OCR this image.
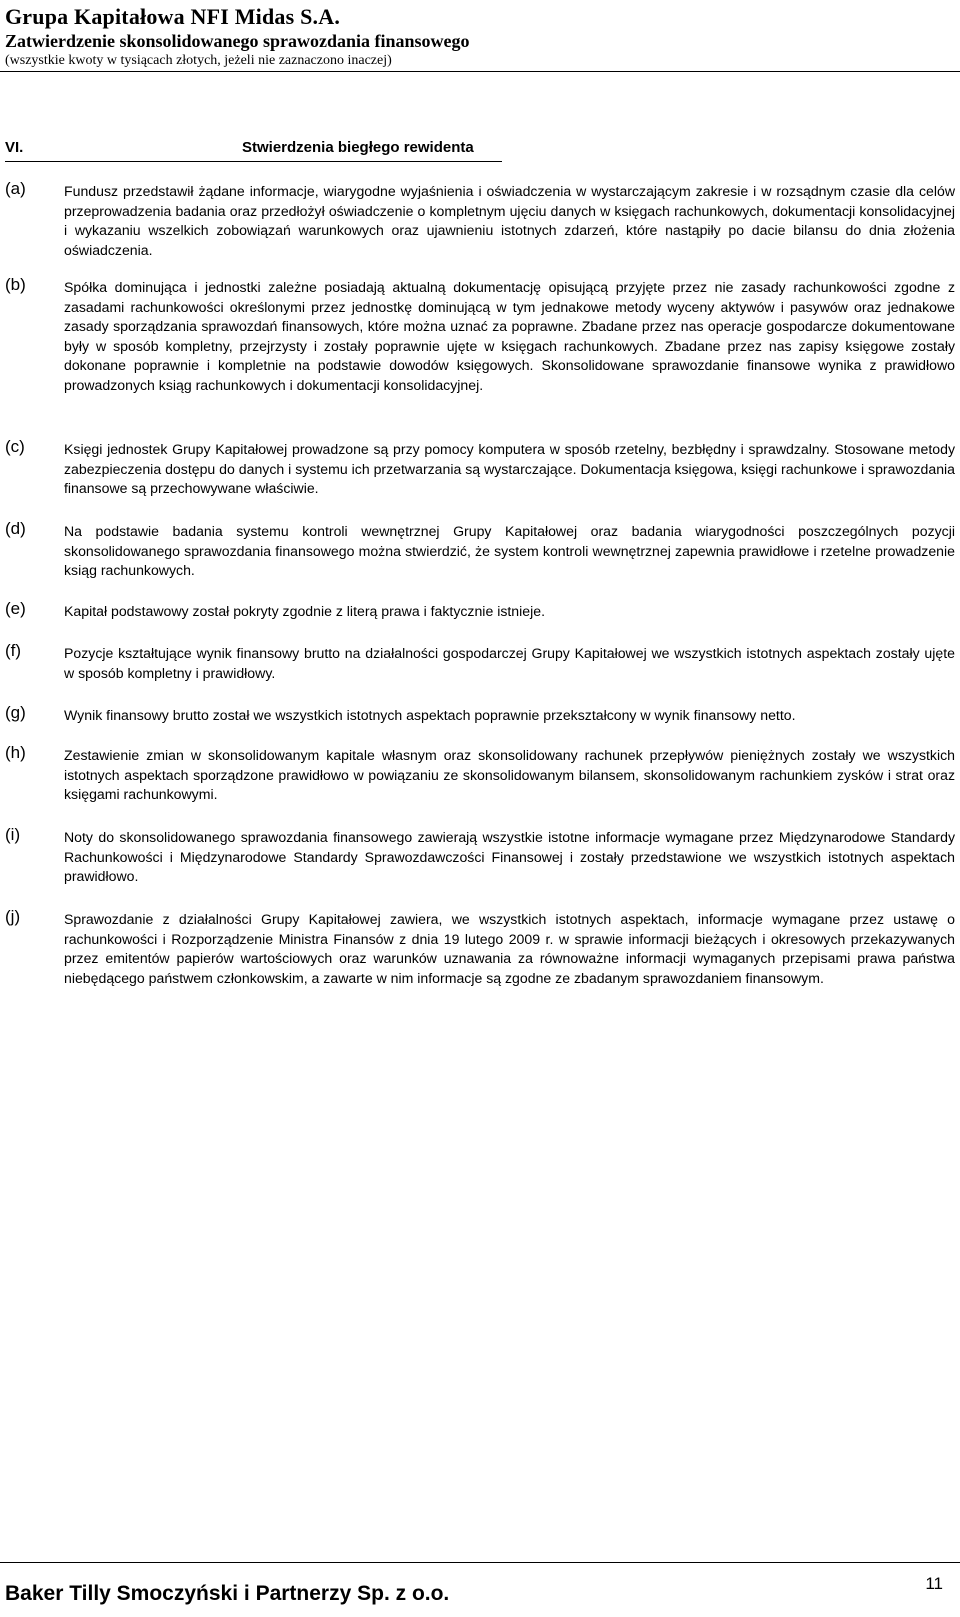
Grupa Kapitałowa NFI Midas S.A.
Zatwierdzenie skonsolidowanego sprawozdania finansowego
(wszystkie kwoty w tysiącach złotych, jeżeli nie zaznaczono inaczej)
VI.	Stwierdzenia biegłego rewidenta
(a)	Fundusz przedstawił żądane informacje, wiarygodne wyjaśnienia i oświadczenia w wystarczającym zakresie i w rozsądnym czasie dla celów przeprowadzenia badania oraz przedłożył oświadczenie o kompletnym ujęciu danych w księgach rachunkowych, dokumentacji konsolidacyjnej i wykazaniu wszelkich zobowiązań warunkowych oraz ujawnieniu istotnych zdarzeń, które nastąpiły po dacie bilansu do dnia złożenia oświadczenia.
(b)	Spółka dominująca i jednostki zależne posiadają aktualną dokumentację opisującą przyjęte przez nie zasady rachunkowości zgodne z zasadami rachunkowości określonymi przez jednostkę dominującą w tym jednakowe metody wyceny aktywów i pasywów oraz jednakowe zasady sporządzania sprawozdań finansowych, które można uznać za poprawne. Zbadane przez nas operacje gospodarcze dokumentowane były w sposób kompletny, przejrzysty i zostały poprawnie ujęte w księgach rachunkowych. Zbadane przez nas zapisy księgowe zostały dokonane poprawnie i kompletnie na podstawie dowodów księgowych. Skonsolidowane sprawozdanie finansowe wynika z prawidłowo prowadzonych ksiąg rachunkowych i dokumentacji konsolidacyjnej.
(c)	Księgi jednostek Grupy Kapitałowej prowadzone są przy pomocy komputera w sposób rzetelny, bezbłędny i sprawdzalny. Stosowane metody zabezpieczenia dostępu do danych i systemu ich przetwarzania są wystarczające. Dokumentacja księgowa, księgi rachunkowe i sprawozdania finansowe są przechowywane właściwie.
(d)	Na podstawie badania systemu kontroli wewnętrznej Grupy Kapitałowej oraz badania wiarygodności poszczególnych pozycji skonsolidowanego sprawozdania finansowego można stwierdzić, że system kontroli wewnętrznej zapewnia prawidłowe i rzetelne prowadzenie ksiąg rachunkowych.
(e)	Kapitał podstawowy został pokryty zgodnie z literą prawa i faktycznie istnieje.
(f)	Pozycje kształtujące wynik finansowy brutto na działalności gospodarczej Grupy Kapitałowej we wszystkich istotnych aspektach zostały ujęte w sposób kompletny i prawidłowy.
(g)	Wynik finansowy brutto został we wszystkich istotnych aspektach poprawnie przekształcony w wynik finansowy netto.
(h)	Zestawienie zmian w skonsolidowanym kapitale własnym oraz skonsolidowany rachunek przepływów pieniężnych zostały we wszystkich istotnych aspektach sporządzone prawidłowo w powiązaniu ze skonsolidowanym bilansem, skonsolidowanym rachunkiem zysków i strat oraz księgami rachunkowymi.
(i)	Noty do skonsolidowanego sprawozdania finansowego zawierają wszystkie istotne informacje wymagane przez Międzynarodowe Standardy Rachunkowości i Międzynarodowe Standardy Sprawozdawczości Finansowej i zostały przedstawione we wszystkich istotnych aspektach prawidłowo.
(j)	Sprawozdanie z działalności Grupy Kapitałowej zawiera, we wszystkich istotnych aspektach, informacje wymagane przez ustawę o rachunkowości i Rozporządzenie Ministra Finansów z dnia 19 lutego 2009 r. w sprawie informacji bieżących i okresowych przekazywanych przez emitentów papierów wartościowych oraz warunków uznawania za równoważne informacji wymaganych przepisami prawa państwa niebędącego państwem członkowskim, a zawarte w nim informacje są zgodne ze zbadanym sprawozdaniem finansowym.
Baker Tilly Smoczyński i Partnerzy Sp. z o.o.	11
